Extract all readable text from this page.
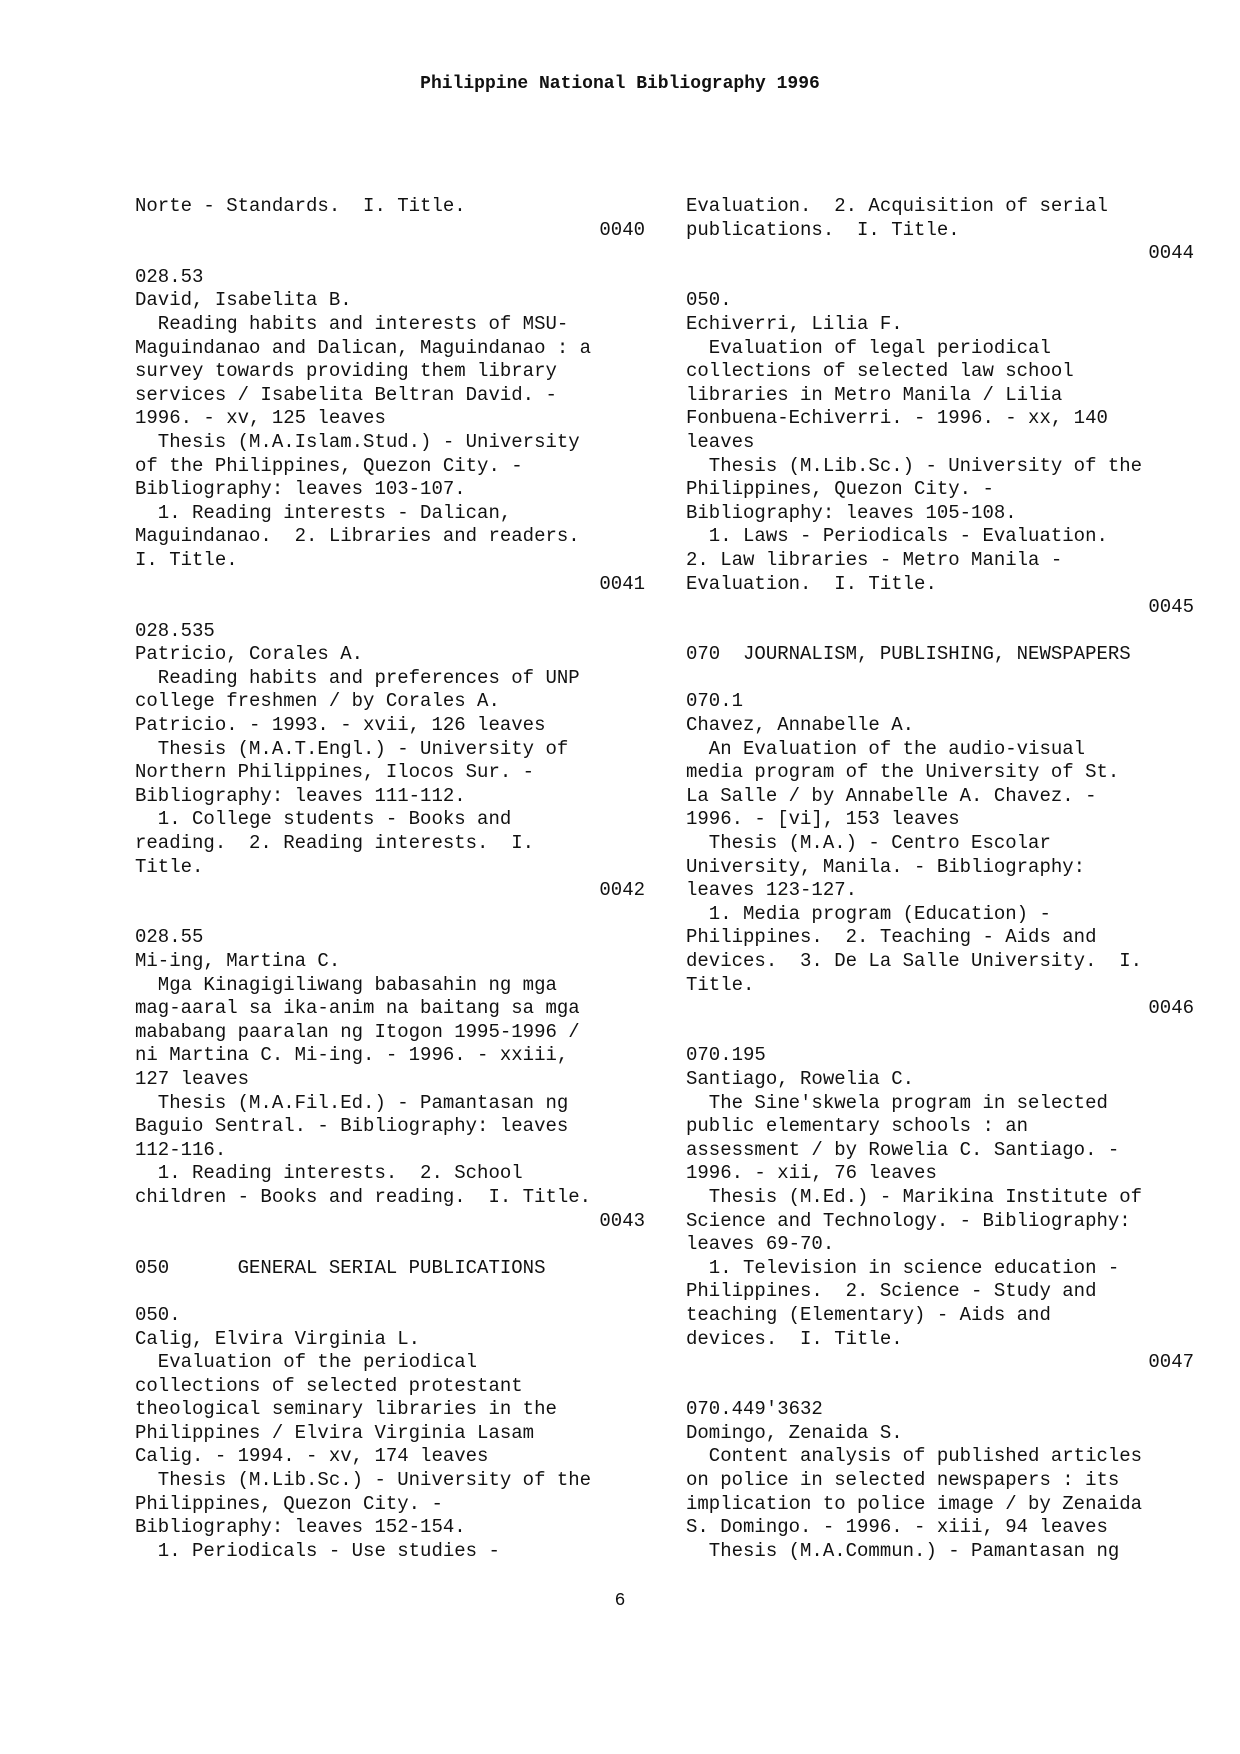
Philippine National Bibliography 1996
Norte - Standards.  I. Title.
0040
028.53
David, Isabelita B.
Reading habits and interests of MSU-
Maguindanao and Dalican, Maguindanao : a
survey towards providing them library
services / Isabelita Beltran David. -
1996. - xv, 125 leaves
Thesis (M.A.Islam.Stud.) - University
of the Philippines, Quezon City. -
Bibliography: leaves 103-107.
1. Reading interests - Dalican,
Maguindanao.  2. Libraries and readers.
I. Title.
0041
028.535
Patricio, Corales A.
Reading habits and preferences of UNP
college freshmen / by Corales A.
Patricio. - 1993. - xvii, 126 leaves
Thesis (M.A.T.Engl.) - University of
Northern Philippines, Ilocos Sur. -
Bibliography: leaves 111-112.
1. College students - Books and
reading.  2. Reading interests.  I.
Title.
0042
028.55
Mi-ing, Martina C.
Mga Kinagigiliwang babasahin ng mga
mag-aaral sa ika-anim na baitang sa mga
mababang paaralan ng Itogon 1995-1996 /
ni Martina C. Mi-ing. - 1996. - xxiii,
127 leaves
Thesis (M.A.Fil.Ed.) - Pamantasan ng
Baguio Sentral. - Bibliography: leaves
112-116.
1. Reading interests.  2. School
children - Books and reading.  I. Title.
0043
050      GENERAL SERIAL PUBLICATIONS
050.
Calig, Elvira Virginia L.
Evaluation of the periodical
collections of selected protestant
theological seminary libraries in the
Philippines / Elvira Virginia Lasam
Calig. - 1994. - xv, 174 leaves
Thesis (M.Lib.Sc.) - University of the
Philippines, Quezon City. -
Bibliography: leaves 152-154.
1. Periodicals - Use studies -
Evaluation.  2. Acquisition of serial
publications.  I. Title.
0044
050.
Echiverri, Lilia F.
Evaluation of legal periodical
collections of selected law school
libraries in Metro Manila / Lilia
Fonbuena-Echiverri. - 1996. - xx, 140
leaves
Thesis (M.Lib.Sc.) - University of the
Philippines, Quezon City. -
Bibliography: leaves 105-108.
1. Laws - Periodicals - Evaluation.
2. Law libraries - Metro Manila -
Evaluation.  I. Title.
0045
070  JOURNALISM, PUBLISHING, NEWSPAPERS
070.1
Chavez, Annabelle A.
An Evaluation of the audio-visual
media program of the University of St.
La Salle / by Annabelle A. Chavez. -
1996. - [vi], 153 leaves
Thesis (M.A.) - Centro Escolar
University, Manila. - Bibliography:
leaves 123-127.
1. Media program (Education) -
Philippines.  2. Teaching - Aids and
devices.  3. De La Salle University.  I.
Title.
0046
070.195
Santiago, Rowelia C.
The Sine'skwela program in selected
public elementary schools : an
assessment / by Rowelia C. Santiago. -
1996. - xii, 76 leaves
Thesis (M.Ed.) - Marikina Institute of
Science and Technology. - Bibliography:
leaves 69-70.
1. Television in science education -
Philippines.  2. Science - Study and
teaching (Elementary) - Aids and
devices.  I. Title.
0047
070.449'3632
Domingo, Zenaida S.
Content analysis of published articles
on police in selected newspapers : its
implication to police image / by Zenaida
S. Domingo. - 1996. - xiii, 94 leaves
Thesis (M.A.Commun.) - Pamantasan ng
6
